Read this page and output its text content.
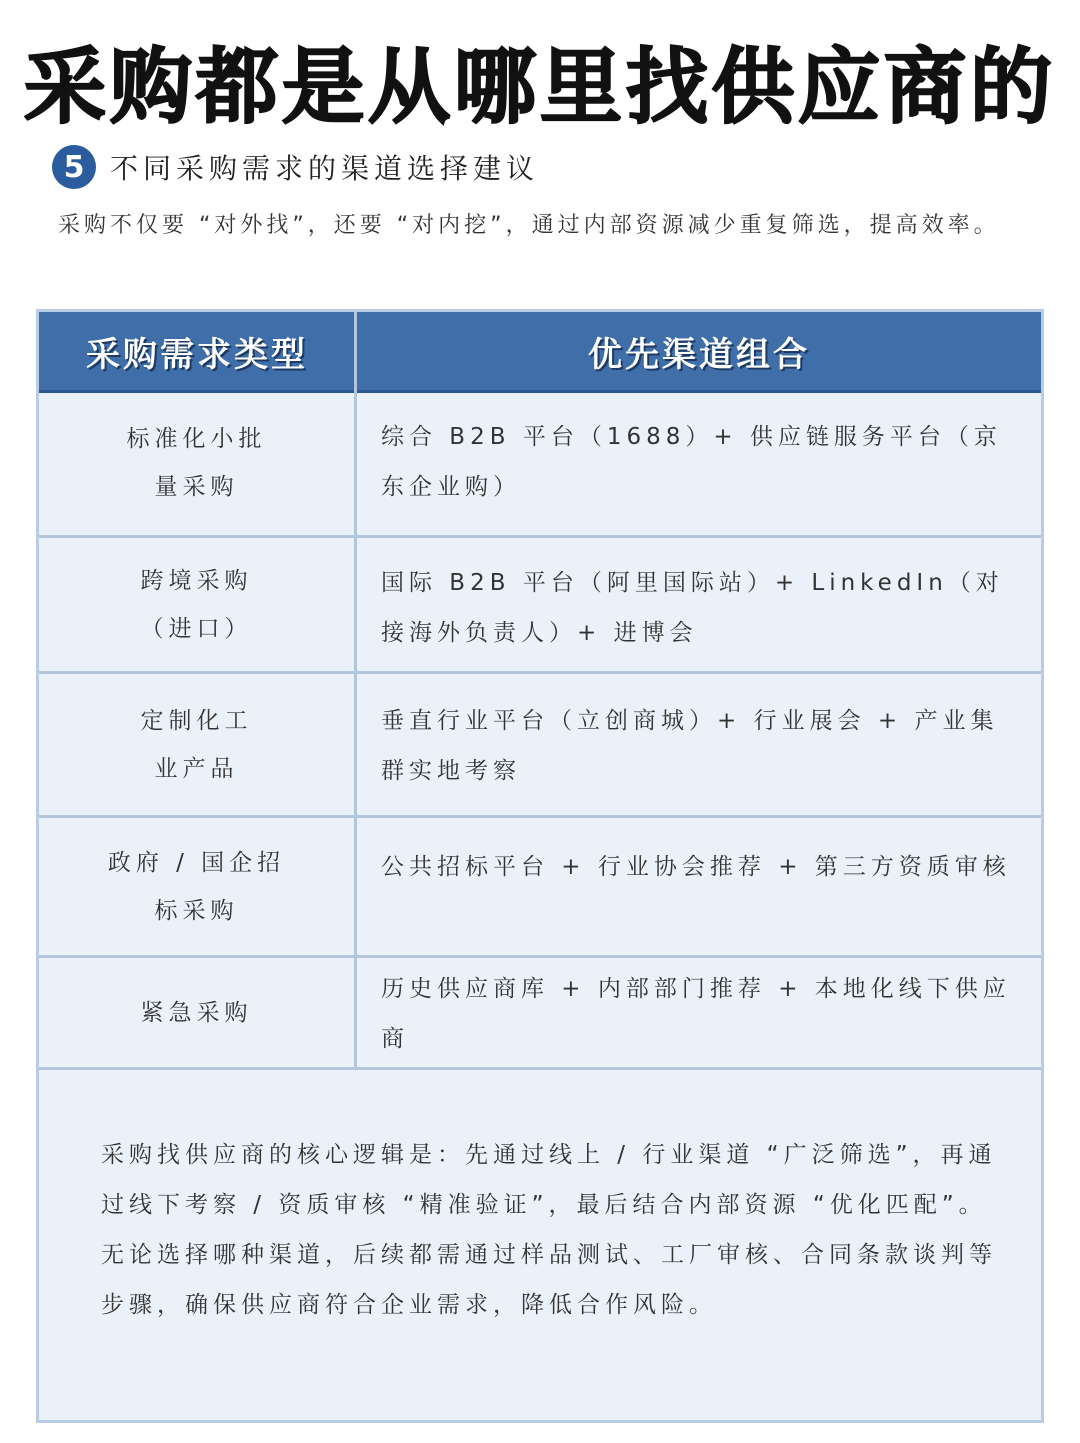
采购都是从哪里找供应商的
5 不同采购需求的渠道选择建议
采购不仅要 “对外找”，还要 “对内挖”，通过内部资源减少重复筛选，提高效率。
采购需求类型	优先渠道组合
标准化小批
量采购
综合 B2B 平台（1688）+ 供应链服务平台（京东企业购）
跨境采购
（进口）
国际 B2B 平台（阿里国际站）+ LinkedIn（对接海外负责人）+ 进博会
定制化工
业产品
垂直行业平台（立创商城）+ 行业展会 + 产业集群实地考察
政府 / 国企招
标采购
公共招标平台 + 行业协会推荐 + 第三方资质审核
紧急采购
历史供应商库 + 内部部门推荐 + 本地化线下供应商
采购找供应商的核心逻辑是：先通过线上 / 行业渠道 “广泛筛选”，再通过线下考察 / 资质审核 “精准验证”，最后结合内部资源 “优化匹配”。无论选择哪种渠道，后续都需通过样品测试、工厂审核、合同条款谈判等步骤，确保供应商符合企业需求，降低合作风险。
